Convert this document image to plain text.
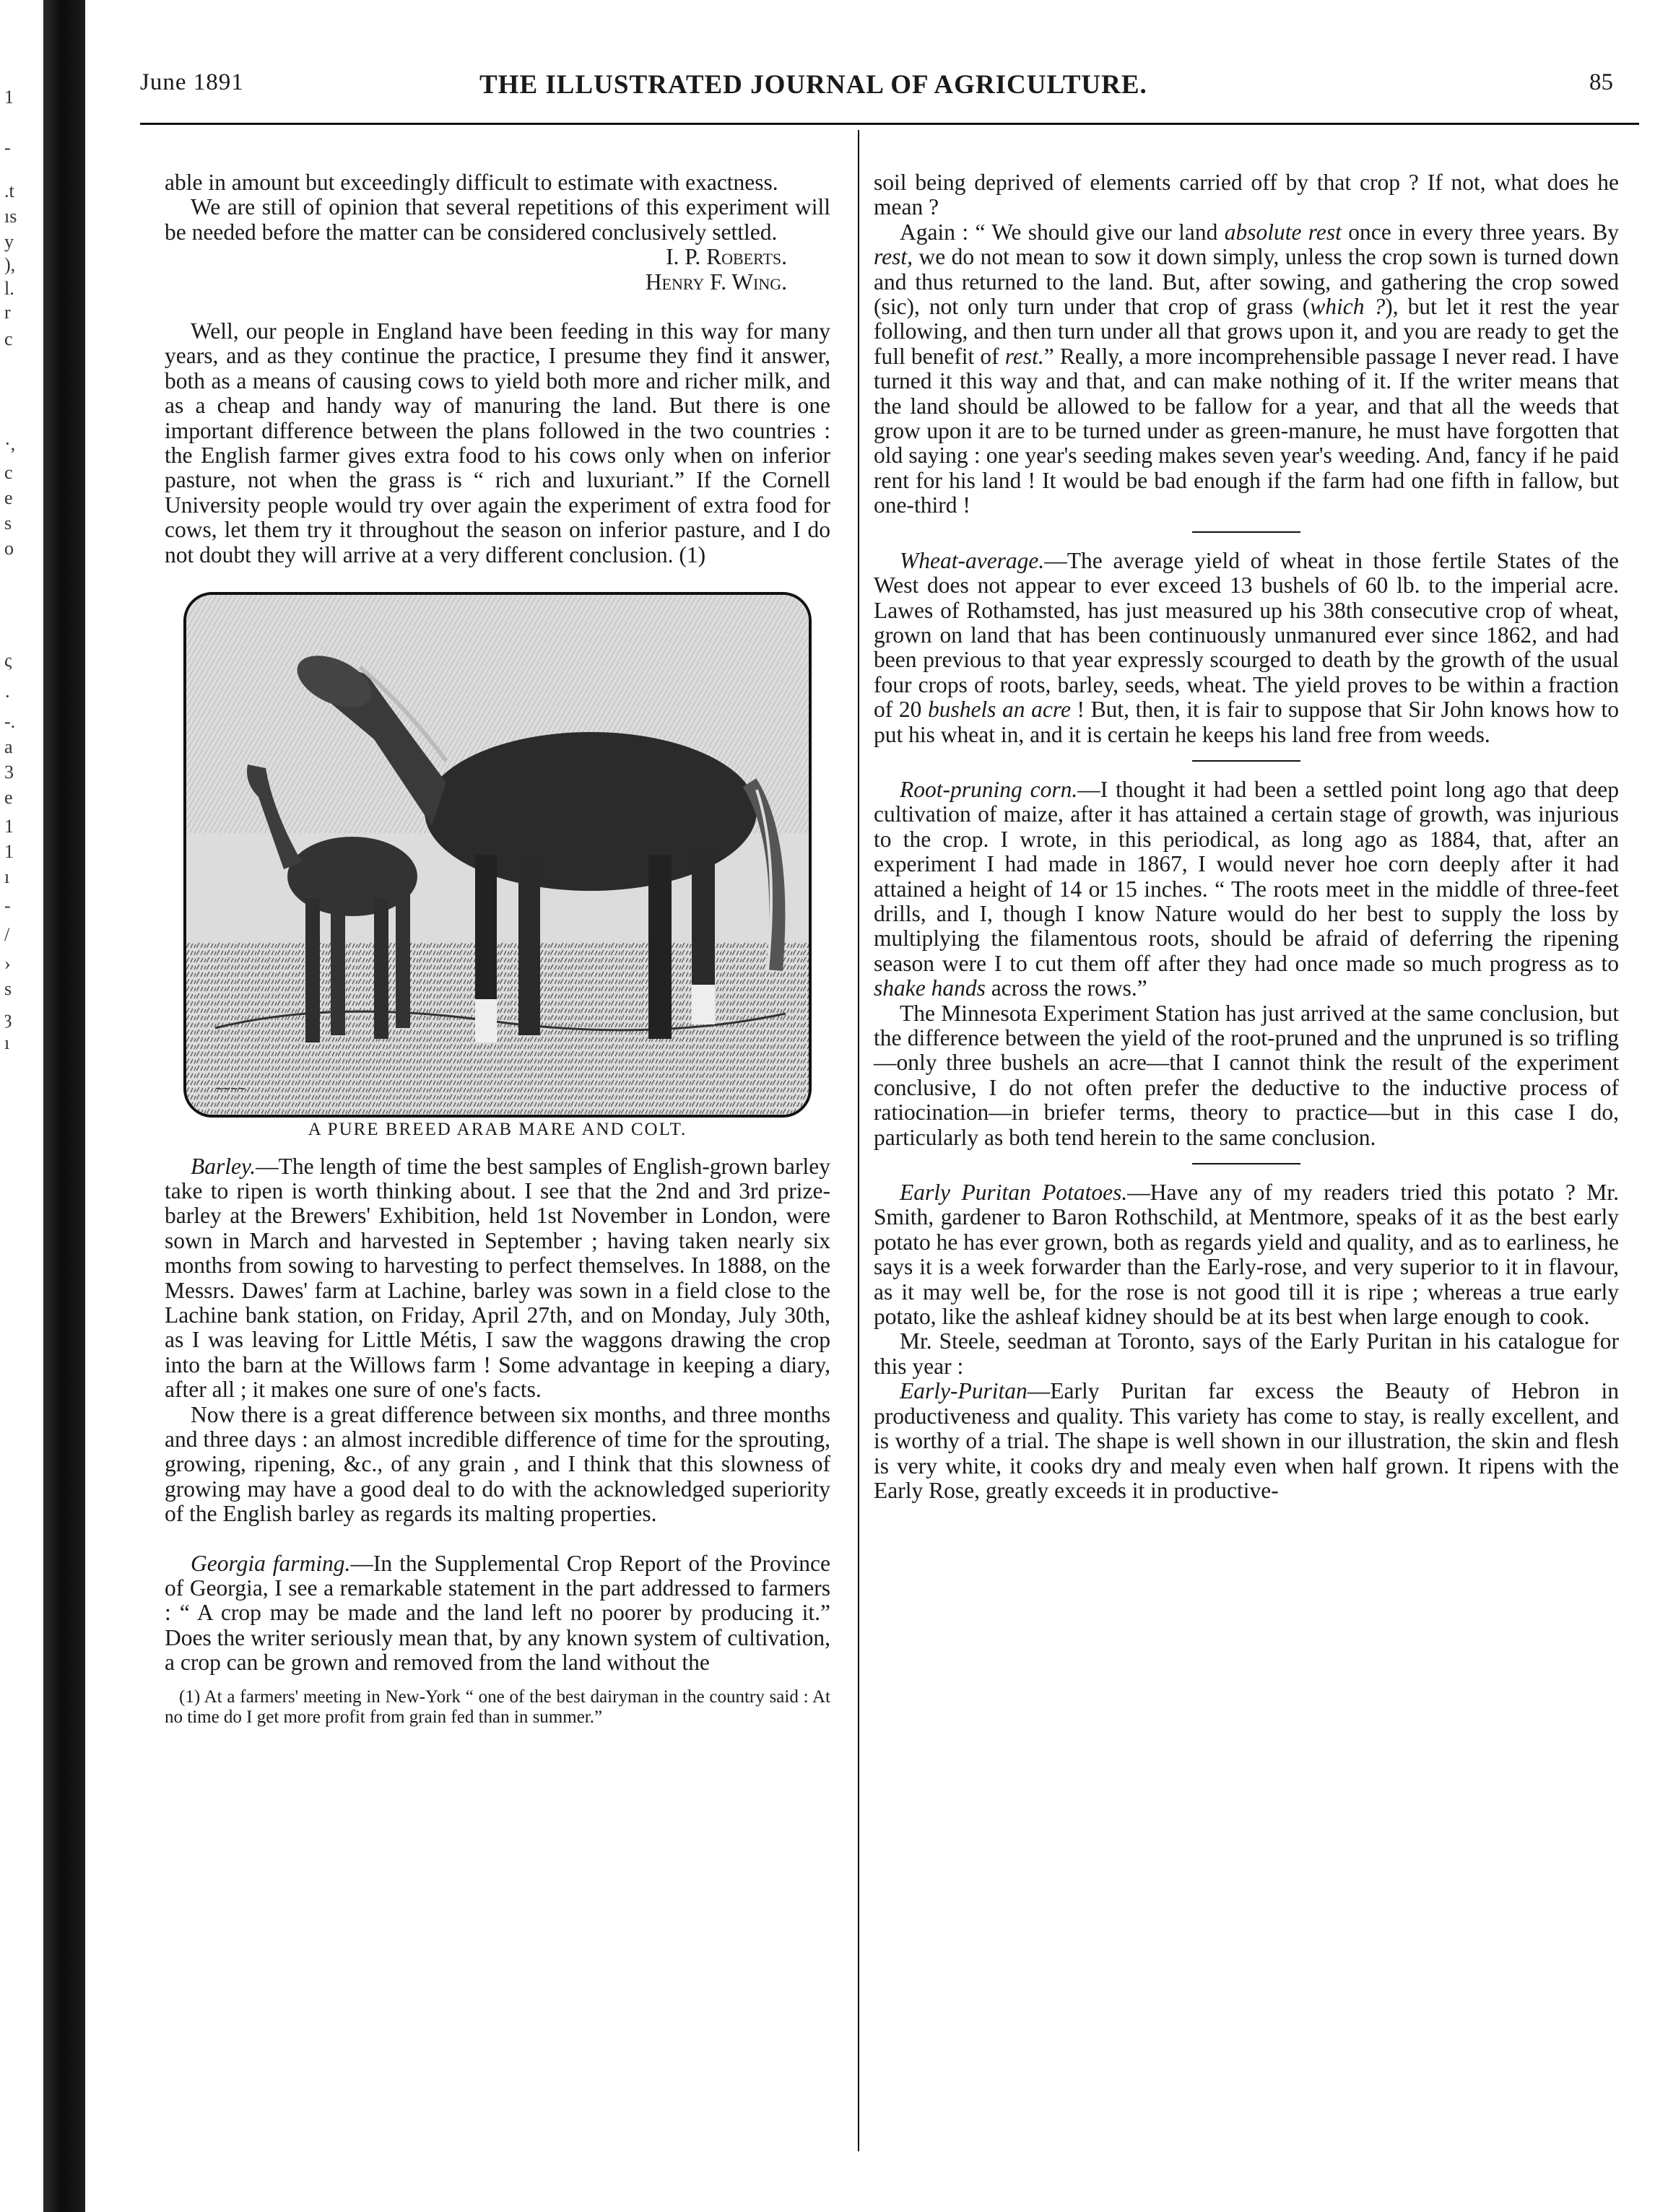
1
-
.t
ıs
y
),
l.
r
c
·,
c
e
s
o
ς
·
-.
a
3
e
1
1
ı
-
/
›
s
ȝ
ı
June 1891	THE ILLUSTRATED JOURNAL OF AGRICULTURE.	85

able in amount but exceedingly difficult to estimate with exactness.

We are still of opinion that several repetitions of this experiment will be needed before the matter can be considered conclusively settled.

I. P. Roberts.

Henry F. Wing.

Well, our people in England have been feeding in this way for many years, and as they continue the practice, I presume they find it answer, both as a means of causing cows to yield both more and richer milk, and as a cheap and handy way of manuring the land. But there is one important difference between the plans followed in the two countries : the English farmer gives extra food to his cows only when on inferior pasture, not when the grass is “ rich and luxuriant.” If the Cornell University people would try over again the experiment of extra food for cows, let them try it throughout the season on inferior pasture, and I do not doubt they will arrive at a very different conclusion. (1)

~~~~

A PURE BREED ARAB MARE AND COLT.

Barley.—The length of time the best samples of English-grown barley take to ripen is worth thinking about. I see that the 2nd and 3rd prize-barley at the Brewers' Exhibition, held 1st November in London, were sown in March and harvested in September ; having taken nearly six months from sowing to harvesting to perfect themselves. In 1888, on the Messrs. Dawes' farm at Lachine, barley was sown in a field close to the Lachine bank station, on Friday, April 27th, and on Monday, July 30th, as I was leaving for Little Métis, I saw the waggons drawing the crop into the barn at the Willows farm ! Some advantage in keeping a diary, after all ; it makes one sure of one's facts.

Now there is a great difference between six months, and three months and three days : an almost incredible difference of time for the sprouting, growing, ripening, &c., of any grain , and I think that this slowness of growing may have a good deal to do with the acknowledged superiority of the English barley as regards its malting properties.

Georgia farming.—In the Supplemental Crop Report of the Province of Georgia, I see a remarkable statement in the part addressed to farmers : “ A crop may be made and the land left no poorer by producing it.” Does the writer seriously mean that, by any known system of cultivation, a crop can be grown and removed from the land without the

(1) At a farmers' meeting in New-York “ one of the best dairyman in the country said : At no time do I get more profit from grain fed than in summer.”

soil being deprived of elements carried off by that crop ? If not, what does he mean ?

Again : “ We should give our land absolute rest once in every three years. By rest, we do not mean to sow it down simply, unless the crop sown is turned down and thus returned to the land. But, after sowing, and gathering the crop sowed (sic), not only turn under that crop of grass (which ?), but let it rest the year following, and then turn under all that grows upon it, and you are ready to get the full benefit of rest.” Really, a more incomprehensible passage I never read. I have turned it this way and that, and can make nothing of it. If the writer means that the land should be allowed to be fallow for a year, and that all the weeds that grow upon it are to be turned under as green-manure, he must have forgotten that old saying : one year's seeding makes seven year's weeding. And, fancy if he paid rent for his land ! It would be bad enough if the farm had one fifth in fallow, but one-third !

Wheat-average.—The average yield of wheat in those fertile States of the West does not appear to ever exceed 13 bushels of 60 lb. to the imperial acre. Lawes of Rothamsted, has just measured up his 38th consecutive crop of wheat, grown on land that has been continuously unmanured ever since 1862, and had been previous to that year expressly scourged to death by the growth of the usual four crops of roots, barley, seeds, wheat. The yield proves to be within a fraction of 20 bushels an acre ! But, then, it is fair to suppose that Sir John knows how to put his wheat in, and it is certain he keeps his land free from weeds.

Root-pruning corn.—I thought it had been a settled point long ago that deep cultivation of maize, after it has attained a certain stage of growth, was injurious to the crop. I wrote, in this periodical, as long ago as 1884, that, after an experiment I had made in 1867, I would never hoe corn deeply after it had attained a height of 14 or 15 inches. “ The roots meet in the middle of three-feet drills, and I, though I know Nature would do her best to supply the loss by multiplying the filamentous roots, should be afraid of deferring the ripening season were I to cut them off after they had once made so much progress as to shake hands across the rows.”

The Minnesota Experiment Station has just arrived at the same conclusion, but the difference between the yield of the root-pruned and the unpruned is so trifling—only three bushels an acre—that I cannot think the result of the experiment conclusive, I do not often prefer the deductive to the inductive process of ratiocination—in briefer terms, theory to practice—but in this case I do, particularly as both tend herein to the same conclusion.

Early Puritan Potatoes.—Have any of my readers tried this potato ? Mr. Smith, gardener to Baron Rothschild, at Mentmore, speaks of it as the best early potato he has ever grown, both as regards yield and quality, and as to earliness, he says it is a week forwarder than the Early-rose, and very superior to it in flavour, as it may well be, for the rose is not good till it is ripe ; whereas a true early potato, like the ashleaf kidney should be at its best when large enough to cook.

Mr. Steele, seedman at Toronto, says of the Early Puritan in his catalogue for this year :

Early-Puritan—Early Puritan far excess the Beauty of Hebron in productiveness and quality. This variety has come to stay, is really excellent, and is worthy of a trial. The shape is well shown in our illustration, the skin and flesh is very white, it cooks dry and mealy even when half grown. It ripens with the Early Rose, greatly exceeds it in productive-
